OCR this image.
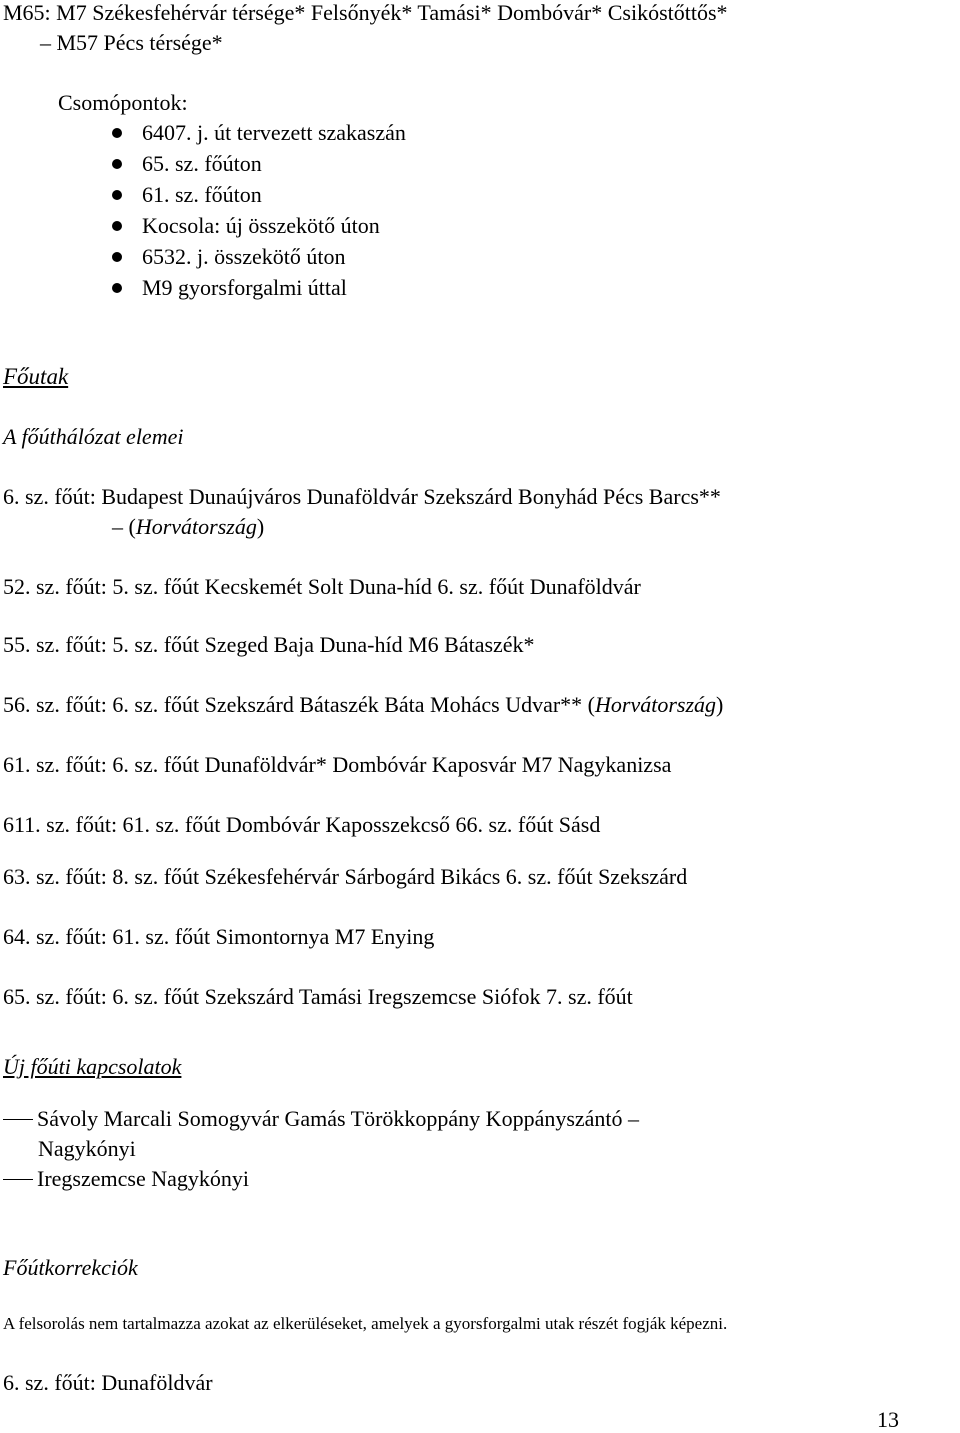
M65: M7 Székesfehérvár térsége* Felsőnyék* Tamási* Dombóvár* Csikóstőttős*
– M57 Pécs térsége*
Csomópontok:
6407. j. út tervezett szakaszán
65. sz. főúton
61. sz. főúton
Kocsola: új összekötő úton
6532. j. összekötő úton
M9 gyorsforgalmi úttal
Főutak
A főúthálózat elemei
6. sz. főút: Budapest Dunaújváros Dunaföldvár Szekszárd Bonyhád Pécs Barcs**
– (Horvátország)
52. sz. főút: 5. sz. főút Kecskemét Solt Duna-híd 6. sz. főút Dunaföldvár
55. sz. főút: 5. sz. főút Szeged Baja Duna-híd M6 Bátaszék*
56. sz. főút: 6. sz. főút Szekszárd Bátaszék Báta Mohács Udvar** (Horvátország)
61. sz. főút: 6. sz. főút Dunaföldvár* Dombóvár Kaposvár M7 Nagykanizsa
611. sz. főút: 61. sz. főút Dombóvár Kaposszekcső 66. sz. főút Sásd
63. sz. főút: 8. sz. főút Székesfehérvár Sárbogárd Bikács 6. sz. főút Szekszárd
64. sz. főút: 61. sz. főút Simontornya M7 Enying
65. sz. főút: 6. sz. főút Szekszárd Tamási Iregszemcse Siófok 7. sz. főút
Új főúti kapcsolatok
Sávoly Marcali Somogyvár Gamás Törökkoppány Koppányszántó –
Nagykónyi
Iregszemcse Nagykónyi
Főútkorrekciók
A felsorolás nem tartalmazza azokat az elkerüléseket, amelyek a gyorsforgalmi utak részét fogják képezni.
6. sz. főút: Dunaföldvár
13
